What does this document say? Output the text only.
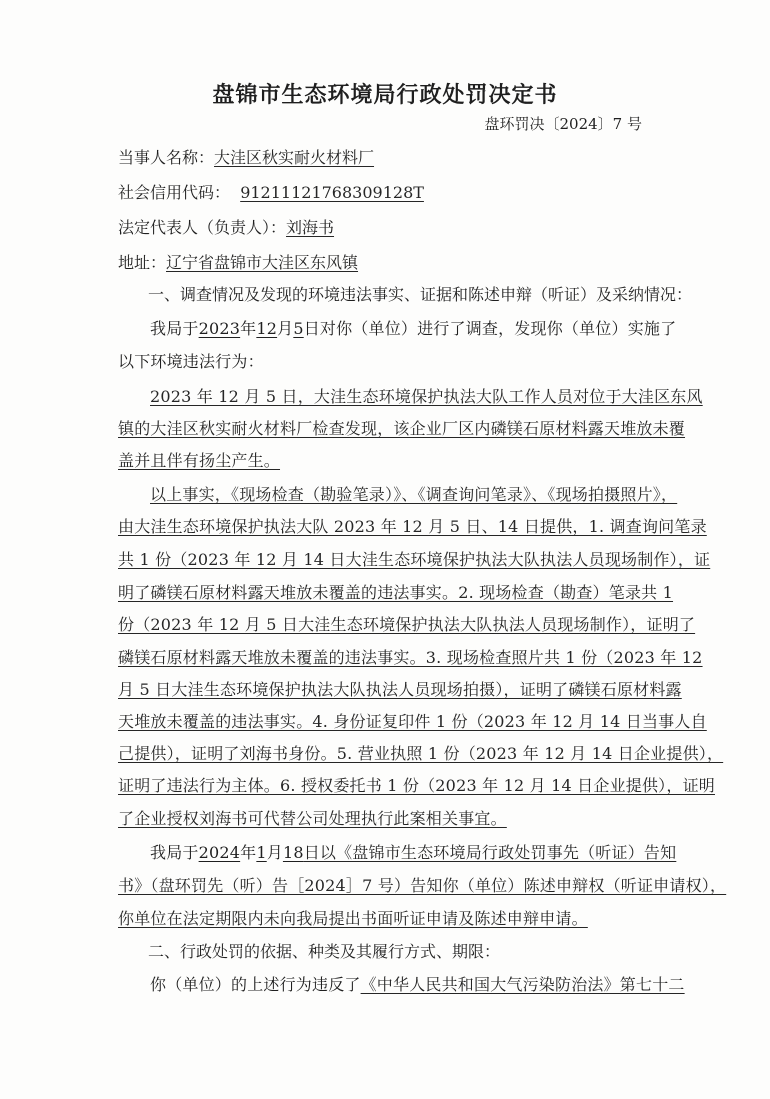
盘锦市生态环境局行政处罚决定书
盘环罚决〔2024〕7 号
当事人名称：大洼区秋实耐火材料厂
社会信用代码： 91211121768309128T
法定代表人（负责人）：刘海书
地址：辽宁省盘锦市大洼区东风镇
一、调查情况及发现的环境违法事实、证据和陈述申辩（听证）及采纳情况：
我局于2023年12月5日对你（单位）进行了调查，发现你（单位）实施了
以下环境违法行为：
2023 年 12 月 5 日，大洼生态环境保护执法大队工作人员对位于大洼区东风
镇的大洼区秋实耐火材料厂检查发现，该企业厂区内磷镁石原材料露天堆放未覆
盖并且伴有扬尘产生。
以上事实，《现场检查（勘验笔录）》、《调查询问笔录》、《现场拍摄照片》，
由大洼生态环境保护执法大队 2023 年 12 月 5 日、14 日提供，1. 调查询问笔录
共 1 份（2023 年 12 月 14 日大洼生态环境保护执法大队执法人员现场制作），证
明了磷镁石原材料露天堆放未覆盖的违法事实。2. 现场检查（勘查）笔录共 1
份（2023 年 12 月 5 日大洼生态环境保护执法大队执法人员现场制作），证明了
磷镁石原材料露天堆放未覆盖的违法事实。3. 现场检查照片共 1 份（2023 年 12
月 5 日大洼生态环境保护执法大队执法人员现场拍摄），证明了磷镁石原材料露
天堆放未覆盖的违法事实。4. 身份证复印件 1 份（2023 年 12 月 14 日当事人自
己提供），证明了刘海书身份。5. 营业执照 1 份（2023 年 12 月 14 日企业提供），
证明了违法行为主体。6. 授权委托书 1 份（2023 年 12 月 14 日企业提供），证明
了企业授权刘海书可代替公司处理执行此案相关事宜。
我局于2024年1月18日以《盘锦市生态环境局行政处罚事先（听证）告知
书》（盘环罚先（听）告［2024］7 号）告知你（单位）陈述申辩权（听证申请权），
你单位在法定期限内未向我局提出书面听证申请及陈述申辩申请。
二、行政处罚的依据、种类及其履行方式、期限：
你（单位）的上述行为违反了《中华人民共和国大气污染防治法》第七十二
